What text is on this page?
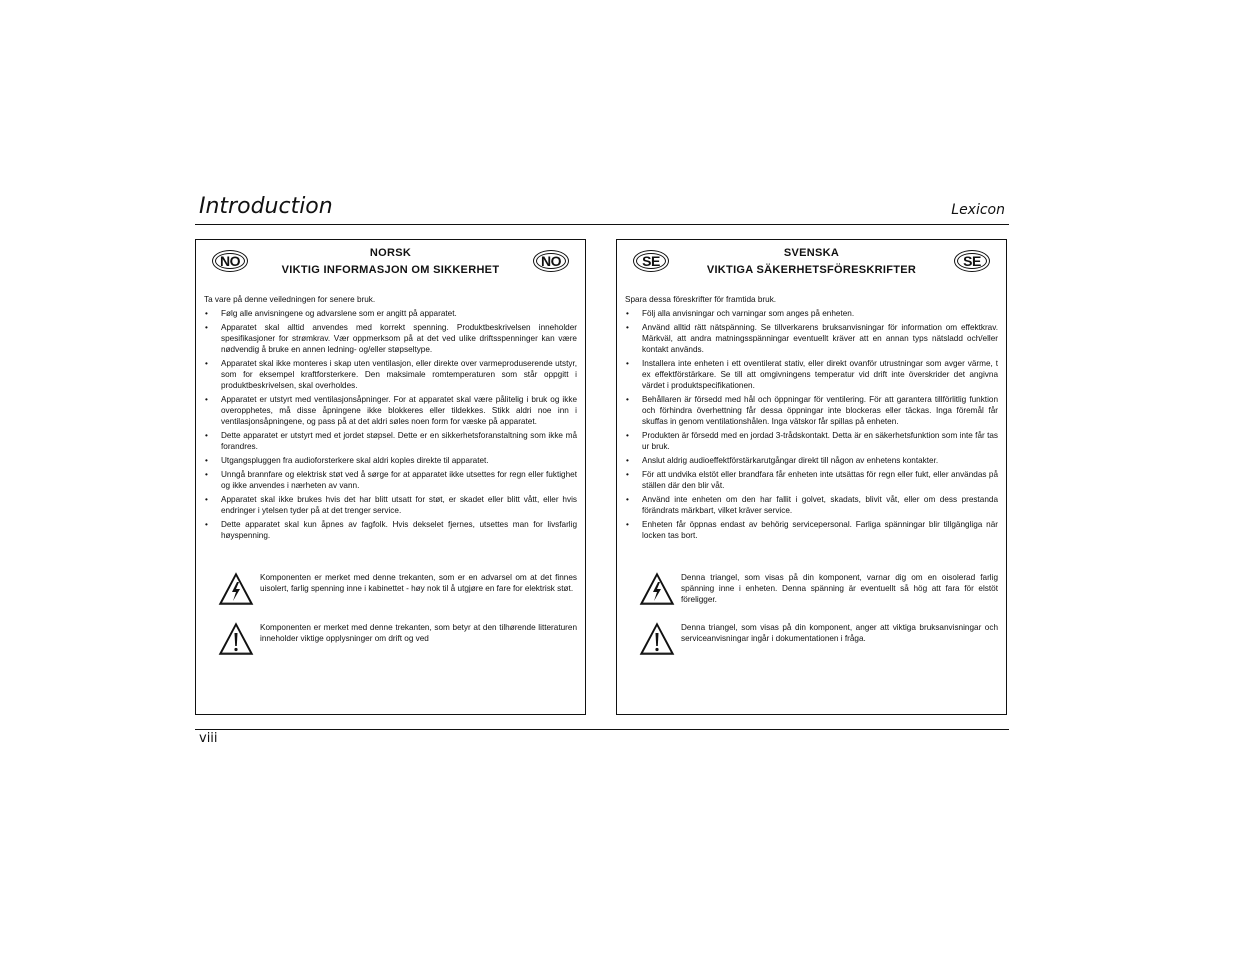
Introduction	Lexicon
NO	NO
NORSK
VIKTIG INFORMASJON OM SIKKERHET

Ta vare på denne veiledningen for senere bruk.

• Følg alle anvisningene og advarslene som er angitt på apparatet.
• Apparatet skal alltid anvendes med korrekt spenning. Produktbeskrivelsen inneholder spesifikasjoner for strømkrav. Vær oppmerksom på at det ved ulike driftsspenninger kan være nødvendig å bruke en annen ledning- og/eller støpseltype.
• Apparatet skal ikke monteres i skap uten ventilasjon, eller direkte over varmeproduserende utstyr, som for eksempel kraftforsterkere. Den maksimale romtemperaturen som står oppgitt i produktbeskrivelsen, skal overholdes.
• Apparatet er utstyrt med ventilasjonsåpninger. For at apparatet skal være pålitelig i bruk og ikke overopphetes, må disse åpningene ikke blokkeres eller tildekkes. Stikk aldri noe inn i ventilasjonsåpningene, og pass på at det aldri søles noen form for væske på apparatet.
• Dette apparatet er utstyrt med et jordet støpsel. Dette er en sikkerhetsforanstaltning som ikke må forandres.
• Utgangspluggen fra audioforsterkere skal aldri koples direkte til apparatet.
• Unngå brannfare og elektrisk støt ved å sørge for at apparatet ikke utsettes for regn eller fuktighet og ikke anvendes i nærheten av vann.
• Apparatet skal ikke brukes hvis det har blitt utsatt for støt, er skadet eller blitt vått, eller hvis endringer i ytelsen tyder på at det trenger service.
• Dette apparatet skal kun åpnes av fagfolk. Hvis dekselet fjernes, utsettes man for livsfarlig høyspenning.
Komponenten er merket med denne trekanten, som er en advarsel om at det finnes uisolert, farlig spenning inne i kabinettet - høy nok til å utgjøre en fare for elektrisk støt.
Komponenten er merket med denne trekanten, som betyr at den tilhørende litteraturen inneholder viktige opplysninger om drift og ved
SE	SE
SVENSKA
VIKTIGA SÄKERHETSFÖRESKRIFTER

Spara dessa föreskrifter för framtida bruk.

• Följ alla anvisningar och varningar som anges på enheten.
• Använd alltid rätt nätspänning. Se tillverkarens bruksanvisningar för information om effektkrav. Märkväl, att andra matningsspänningar eventuellt kräver att en annan typs nätsladd och/eller kontakt används.
• Installera inte enheten i ett oventilerat stativ, eller direkt ovanför utrustningar som avger värme, t ex effektförstärkare. Se till att omgivningens temperatur vid drift inte överskrider det angivna värdet i produktspecifikationen.
• Behållaren är försedd med hål och öppningar för ventilering. För att garantera tillförlitlig funktion och förhindra överhettning får dessa öppningar inte blockeras eller täckas. Inga föremål får skuffas in genom ventilationshålen. Inga vätskor får spillas på enheten.
• Produkten är försedd med en jordad 3-trådskontakt. Detta är en säkerhetsfunktion som inte får tas ur bruk.
• Anslut aldrig audioeffektförstärkarutgångar direkt till någon av enhetens kontakter.
• För att undvika elstöt eller brandfara får enheten inte utsättas för regn eller fukt, eller användas på ställen där den blir våt.
• Använd inte enheten om den har fallit i golvet, skadats, blivit våt, eller om dess prestanda förändrats märkbart, vilket kräver service.
• Enheten får öppnas endast av behörig servicepersonal. Farliga spänningar blir tillgängliga när locken tas bort.
Denna triangel, som visas på din komponent, varnar dig om en oisolerad farlig spänning inne i enheten. Denna spänning är eventuellt så hög att fara för elstöt föreligger.
Denna triangel, som visas på din komponent, anger att viktiga bruksanvisningar och serviceanvisningar ingår i dokumentationen i fråga.
viii
